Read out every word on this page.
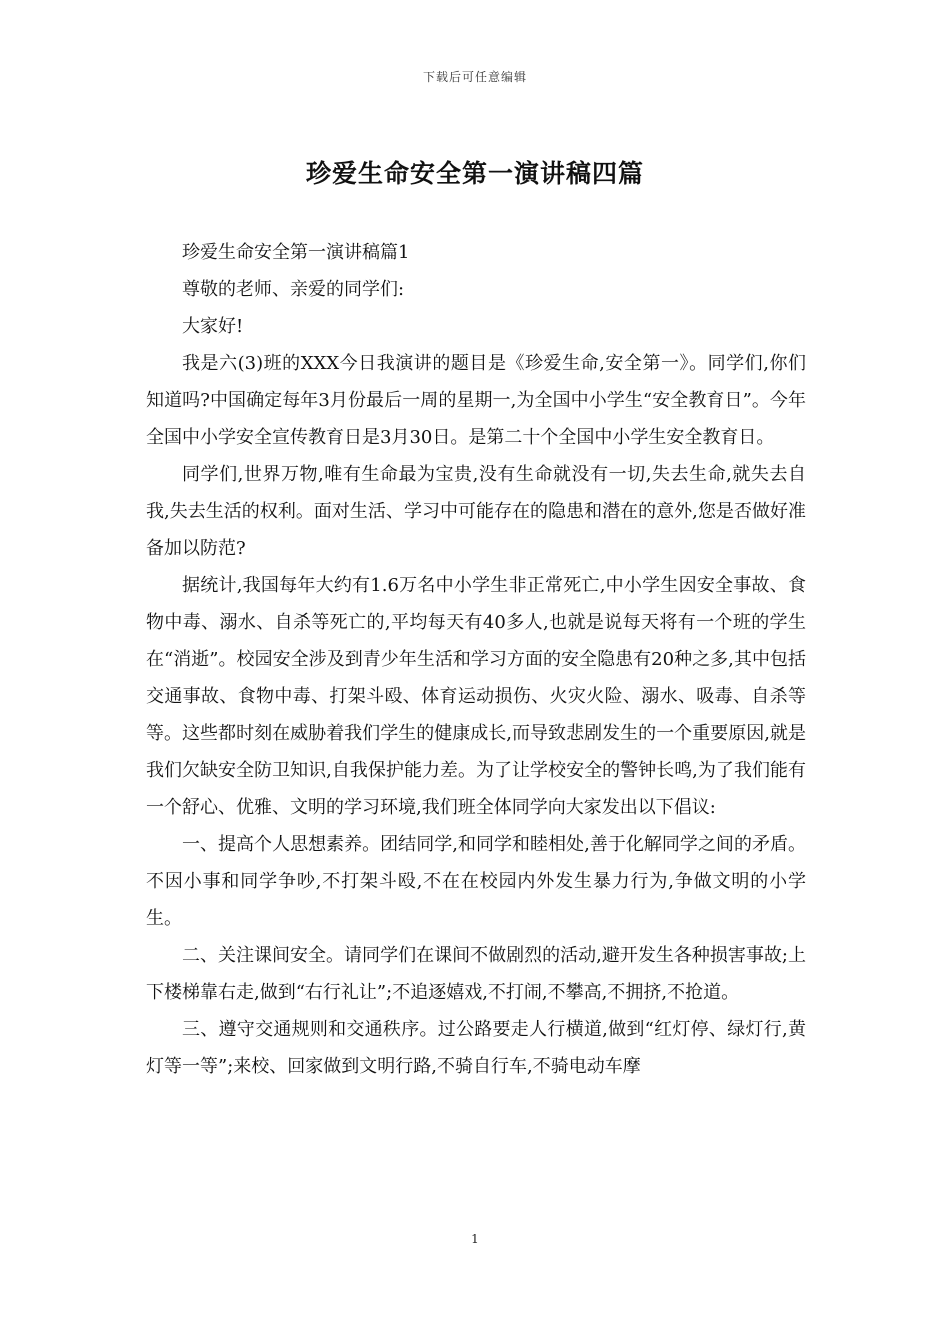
下载后可任意编辑
珍爱生命安全第一演讲稿四篇

珍爱生命安全第一演讲稿篇1

尊敬的老师、亲爱的同学们:

大家好!

我是六(3)班的XXX今日我演讲的题目是《珍爱生命,安全第一》。同学们,你们知道吗?中国确定每年3月份最后一周的星期一,为全国中小学生“安全教育日”。今年全国中小学安全宣传教育日是3月30日。是第二十个全国中小学生安全教育日。

同学们,世界万物,唯有生命最为宝贵,没有生命就没有一切,失去生命,就失去自我,失去生活的权利。面对生活、学习中可能存在的隐患和潜在的意外,您是否做好准备加以防范?

据统计,我国每年大约有1.6万名中小学生非正常死亡,中小学生因安全事故、食物中毒、溺水、自杀等死亡的,平均每天有40多人,也就是说每天将有一个班的学生在“消逝”。校园安全涉及到青少年生活和学习方面的安全隐患有20种之多,其中包括交通事故、食物中毒、打架斗殴、体育运动损伤、火灾火险、溺水、吸毒、自杀等等。这些都时刻在威胁着我们学生的健康成长,而导致悲剧发生的一个重要原因,就是我们欠缺安全防卫知识,自我保护能力差。为了让学校安全的警钟长鸣,为了我们能有一个舒心、优雅、文明的学习环境,我们班全体同学向大家发出以下倡议:

一、提高个人思想素养。团结同学,和同学和睦相处,善于化解同学之间的矛盾。不因小事和同学争吵,不打架斗殴,不在在校园内外发生暴力行为,争做文明的小学生。

二、关注课间安全。请同学们在课间不做剧烈的活动,避开发生各种损害事故;上下楼梯靠右走,做到“右行礼让”;不追逐嬉戏,不打闹,不攀高,不拥挤,不抢道。

三、遵守交通规则和交通秩序。过公路要走人行横道,做到“红灯停、绿灯行,黄灯等一等”;来校、回家做到文明行路,不骑自行车,不骑电动车摩

1
